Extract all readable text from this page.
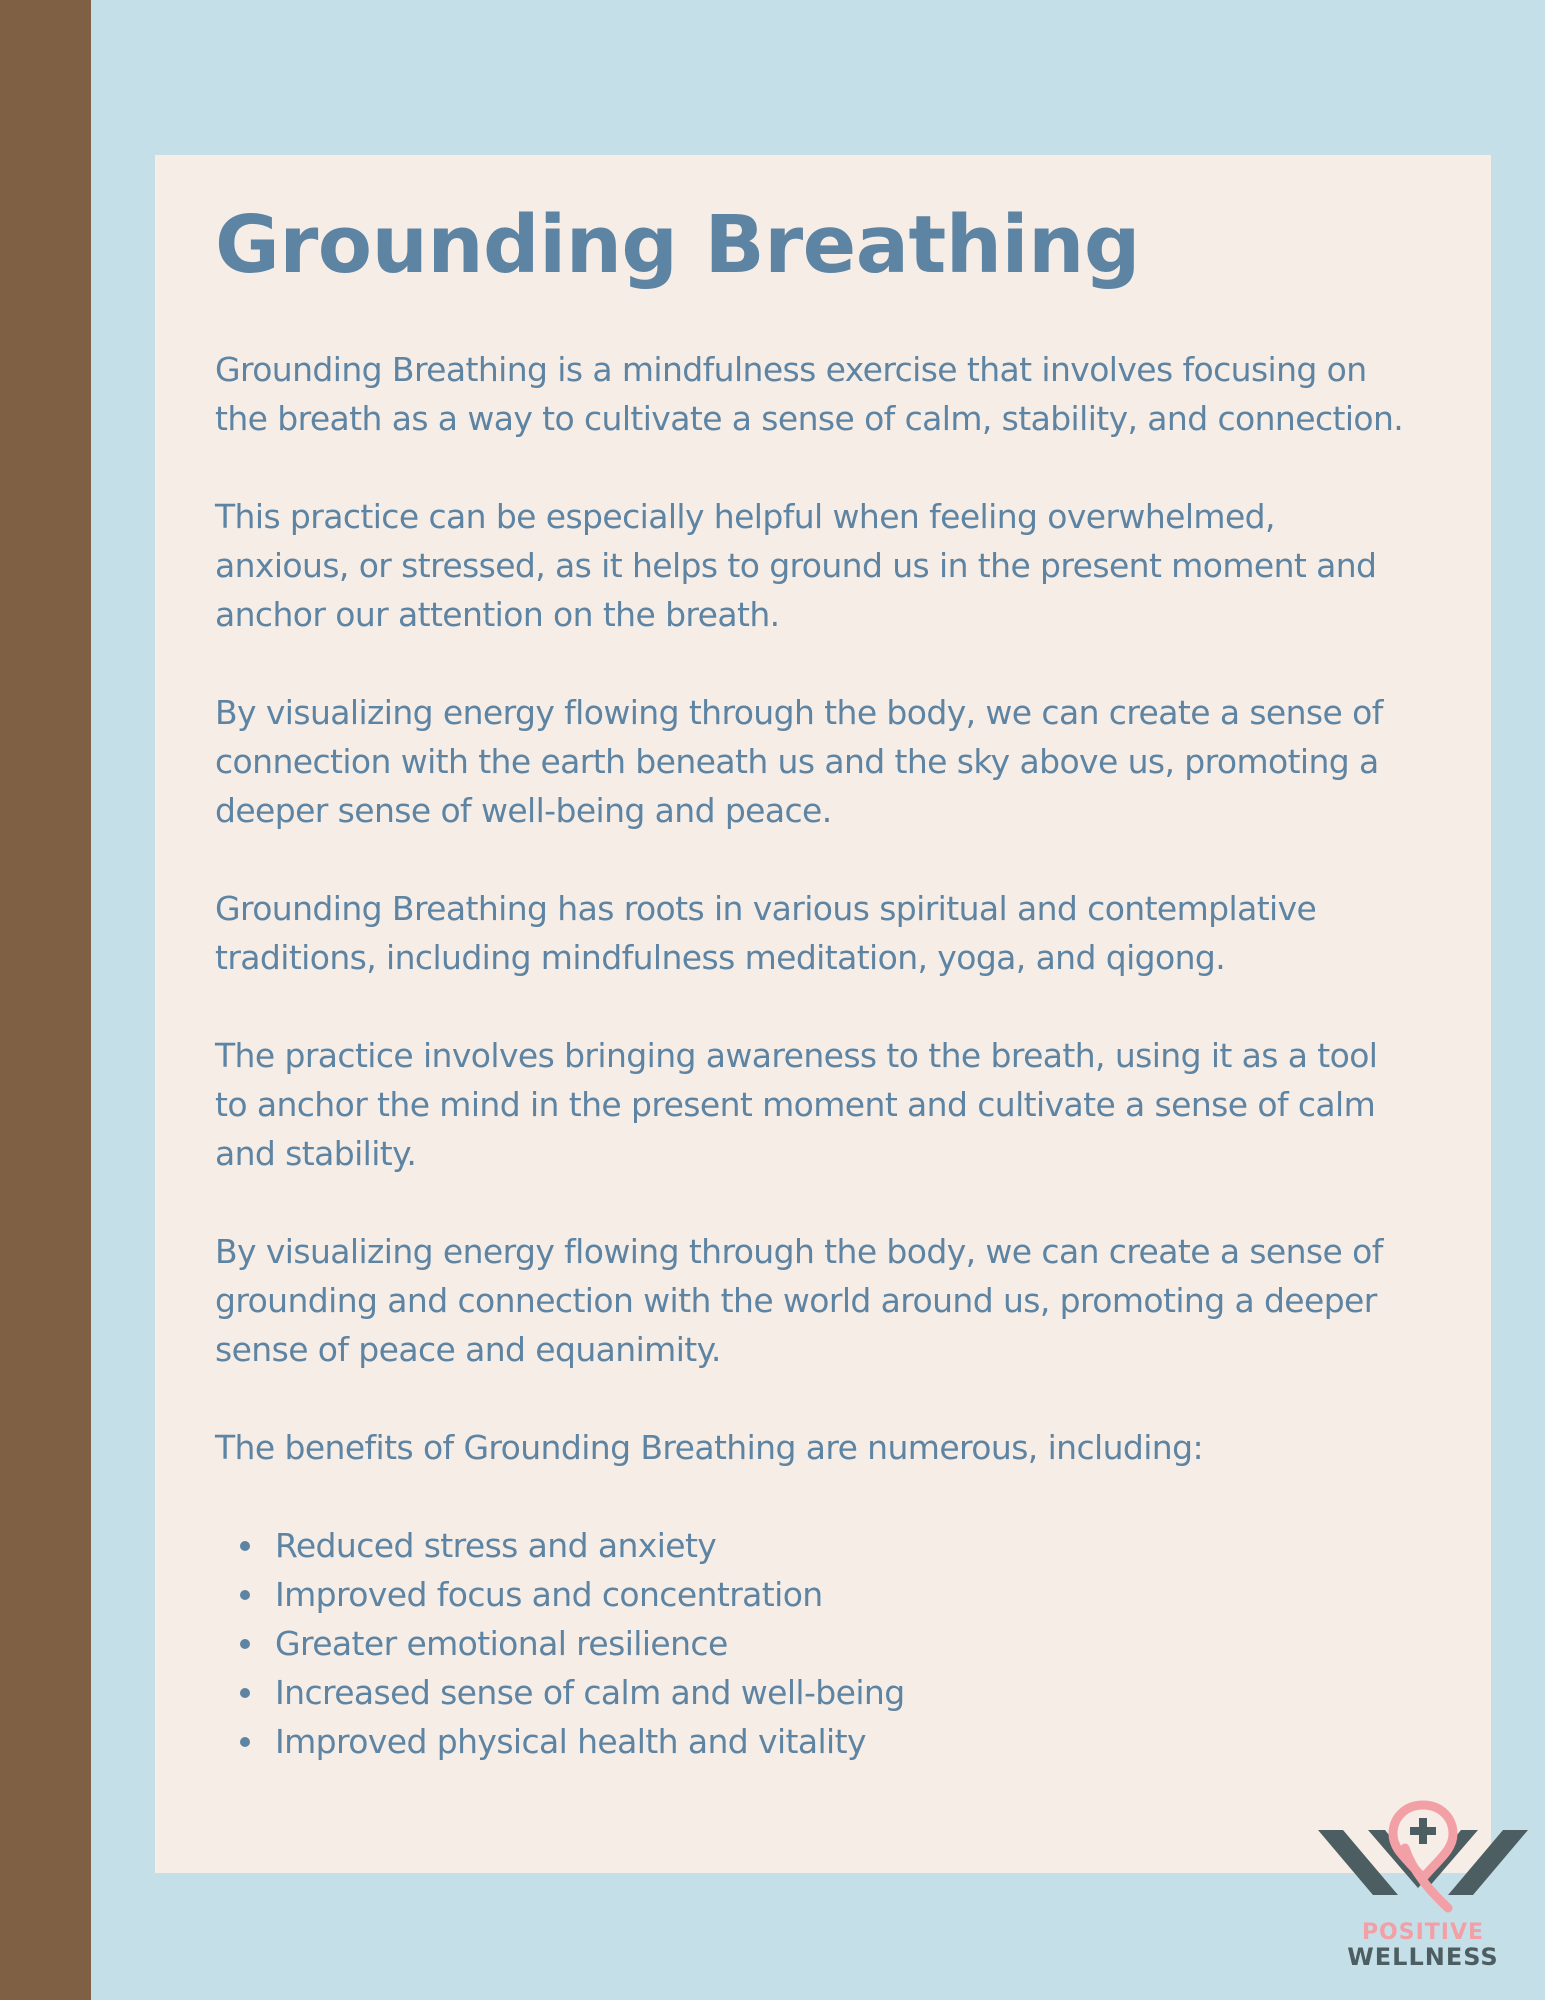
Grounding Breathing

Grounding Breathing is a mindfulness exercise that involves focusing on
the breath as a way to cultivate a sense of calm, stability, and connection.

This practice can be especially helpful when feeling overwhelmed,
anxious, or stressed, as it helps to ground us in the present moment and
anchor our attention on the breath.

By visualizing energy flowing through the body, we can create a sense of
connection with the earth beneath us and the sky above us, promoting a
deeper sense of well-being and peace.

Grounding Breathing has roots in various spiritual and contemplative
traditions, including mindfulness meditation, yoga, and qigong.

The practice involves bringing awareness to the breath, using it as a tool
to anchor the mind in the present moment and cultivate a sense of calm
and stability.

By visualizing energy flowing through the body, we can create a sense of
grounding and connection with the world around us, promoting a deeper
sense of peace and equanimity.

The benefits of Grounding Breathing are numerous, including:

Reduced stress and anxiety
Improved focus and concentration
Greater emotional resilience
Increased sense of calm and well-being
Improved physical health and vitality
POSITIVE
WELLNESS
